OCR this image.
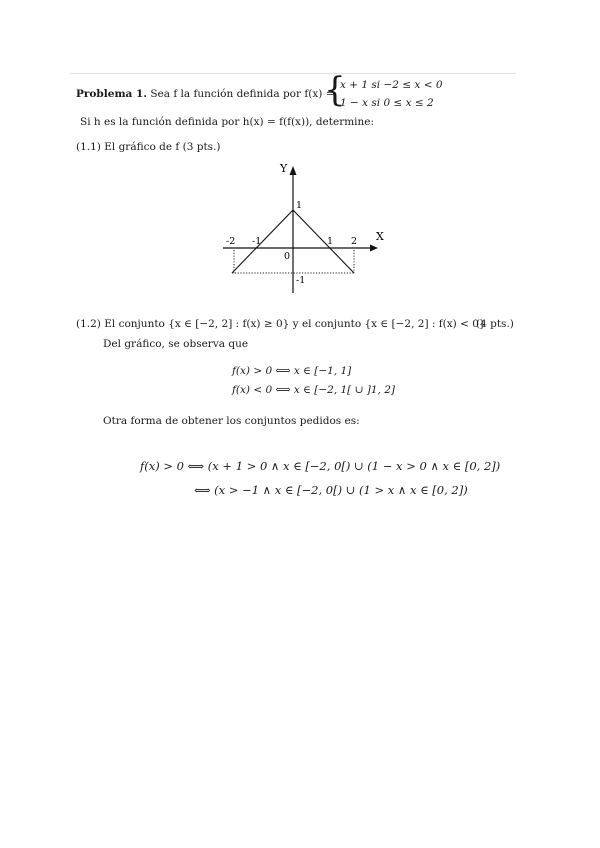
Problema 1. Sea f la función definida por f(x) =
{
x + 1 si −2 ≤ x < 0
1 − x si 0 ≤ x ≤ 2
Si h es la función definida por h(x) = f(f(x)), determine:
(1.1) El gráfico de f (3 pts.)
Y
X
-2 -1
0
1 2
1
-1
(1.2) El conjunto {x ∈ [−2, 2] : f(x) ≥ 0} y el conjunto {x ∈ [−2, 2] : f(x) < 0}
(4 pts.)
Del gráfico, se observa que
f(x) > 0 ⟺ x ∈ [−1, 1]
f(x) < 0 ⟺ x ∈ [−2, 1[ ∪ ]1, 2]
Otra forma de obtener los conjuntos pedidos es:
f(x) > 0 ⟺ (x + 1 > 0 ∧ x ∈ [−2, 0[) ∪ (1 − x > 0 ∧ x ∈ [0, 2])
⟺ (x > −1 ∧ x ∈ [−2, 0[) ∪ (1 > x ∧ x ∈ [0, 2])
